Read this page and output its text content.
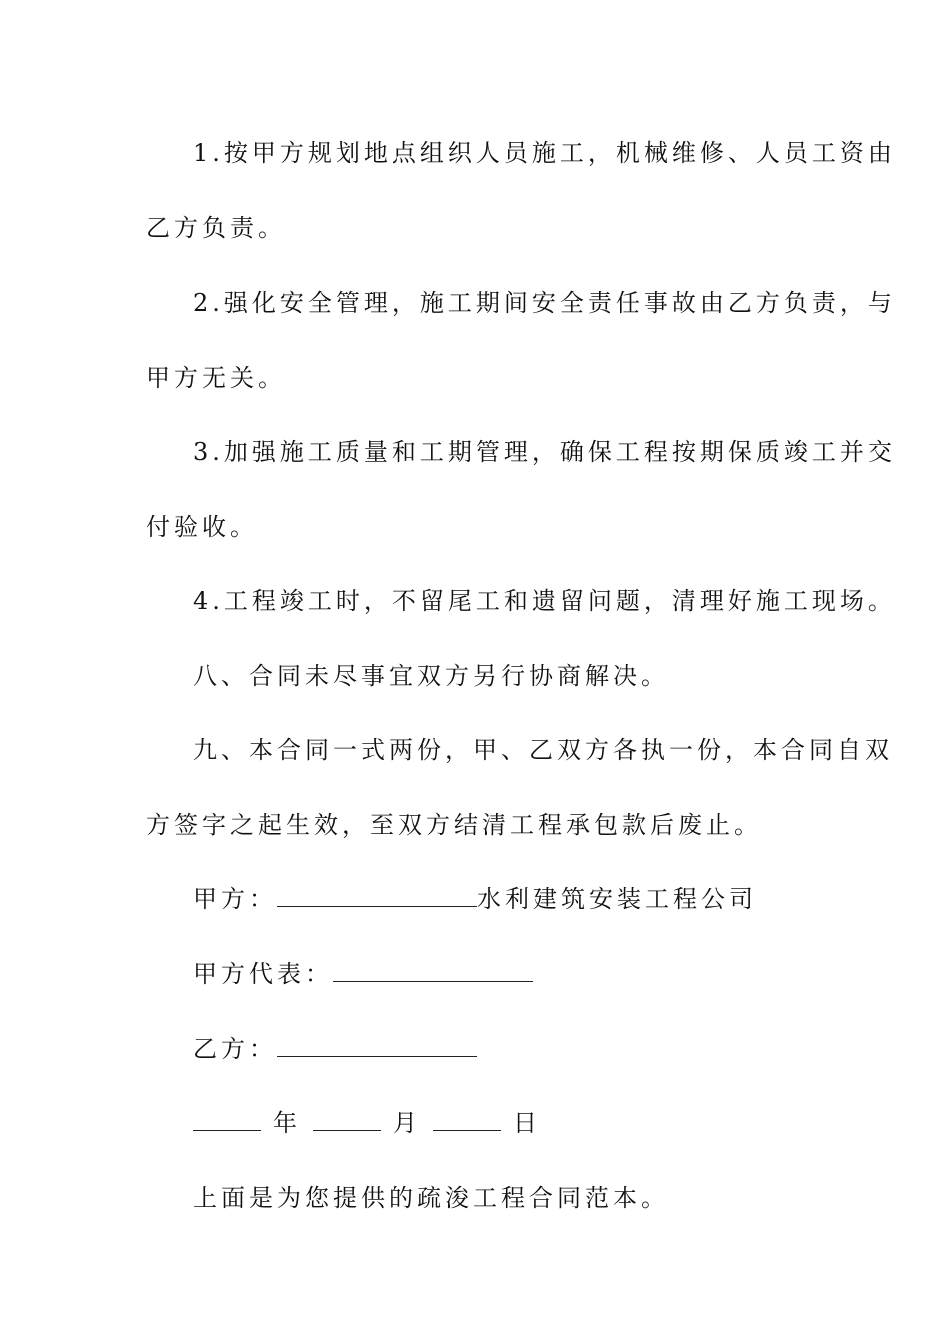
1.按甲方规划地点组织人员施工，机械维修、人员工资由
乙方负责。
2.强化安全管理，施工期间安全责任事故由乙方负责，与
甲方无关。
3.加强施工质量和工期管理，确保工程按期保质竣工并交
付验收。
4.工程竣工时，不留尾工和遗留问题，清理好施工现场。
八、合同未尽事宜双方另行协商解决。
九、本合同一式两份，甲、乙双方各执一份，本合同自双
方签字之起生效，至双方结清工程承包款后废止。
甲方：	水利建筑安装工程公司
甲方代表：
乙方：
年	月	日
上面是为您提供的疏浚工程合同范本。
